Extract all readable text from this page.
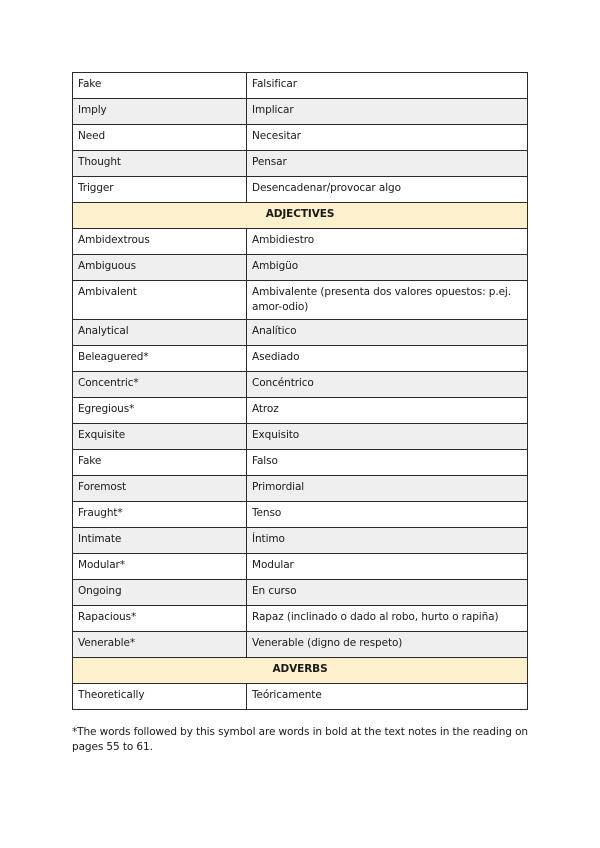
Fake	Falsificar
Imply	Implicar
Need	Necesitar
Thought	Pensar
Trigger	Desencadenar/provocar algo
ADJECTIVES	
Ambidextrous	Ambidiestro
Ambiguous	Ambigüo
Ambivalent	Ambivalente (presenta dos valores opuestos: p.ej. amor-odio)
Analytical	Analítico
Beleaguered*	Asediado
Concentric*	Concéntrico
Egregious*	Atroz
Exquisite	Exquisito
Fake	Falso
Foremost	Primordial
Fraught*	Tenso
Intimate	Íntimo
Modular*	Modular
Ongoing	En curso
Rapacious*	Rapaz (inclinado o dado al robo, hurto o rapiña)
Venerable*	Venerable (digno de respeto)
ADVERBS	
Theoretically	Teóricamente
*The words followed by this symbol are words in bold at the text notes in the reading on pages 55 to 61.
